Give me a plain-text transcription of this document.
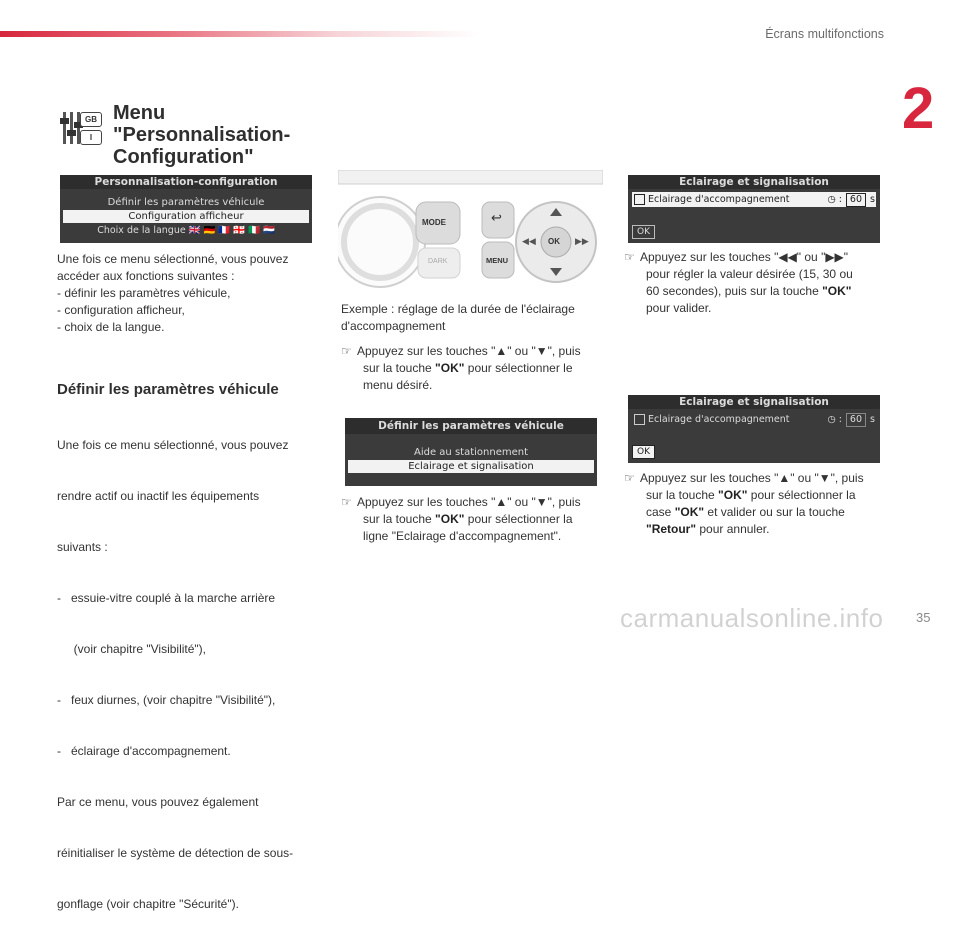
Écrans multifonctions
2
GB
I
Menu
"Personnalisation-
Configuration"
Personnalisation-configuration
Définir les paramètres véhicule
Configuration afficheur
Choix de la langue 🇬🇧 🇩🇪 🇫🇷 🇬🇪 🇮🇹 🇳🇱
Une fois ce menu sélectionné, vous pouvez
accéder aux fonctions suivantes :
- définir les paramètres véhicule,
- configuration afficheur,
- choix de la langue.
Définir les paramètres véhicule

Une fois ce menu sélectionné, vous pouvez

rendre actif ou inactif les équipements

suivants :

-   essuie-vitre couplé à la marche arrière

(voir chapitre "Visibilité"),

-   feux diurnes, (voir chapitre "Visibilité"),

-   éclairage d'accompagnement.

Par ce menu, vous pouvez également

réinitialiser le système de détection de sous-

gonflage (voir chapitre "Sécurité").

MODE
DARK
↩
MENU
OK
◀◀	▶▶
Exemple : réglage de la durée de l'éclairage
d'accompagnement
☞ Appuyez sur les touches "▲" ou "▼", puis
sur la touche "OK" pour sélectionner le
menu désiré.
Définir les paramètres véhicule
Aide au stationnement
Eclairage et signalisation
☞ Appuyez sur les touches "▲" ou "▼", puis
sur la touche "OK" pour sélectionner la
ligne "Eclairage d'accompagnement".
Eclairage et signalisation
Eclairage d'accompagnement	◷ : 60 s
OK
☞ Appuyez sur les touches "◀◀" ou "▶▶"
pour régler la valeur désirée (15, 30 ou
60 secondes), puis sur la touche "OK"
pour valider.
Eclairage et signalisation
Eclairage d'accompagnement	◷ : 60 s
OK
☞ Appuyez sur les touches "▲" ou "▼", puis
sur la touche "OK" pour sélectionner la
case "OK" et valider ou sur la touche
"Retour" pour annuler.
carmanualsonline.info	35
